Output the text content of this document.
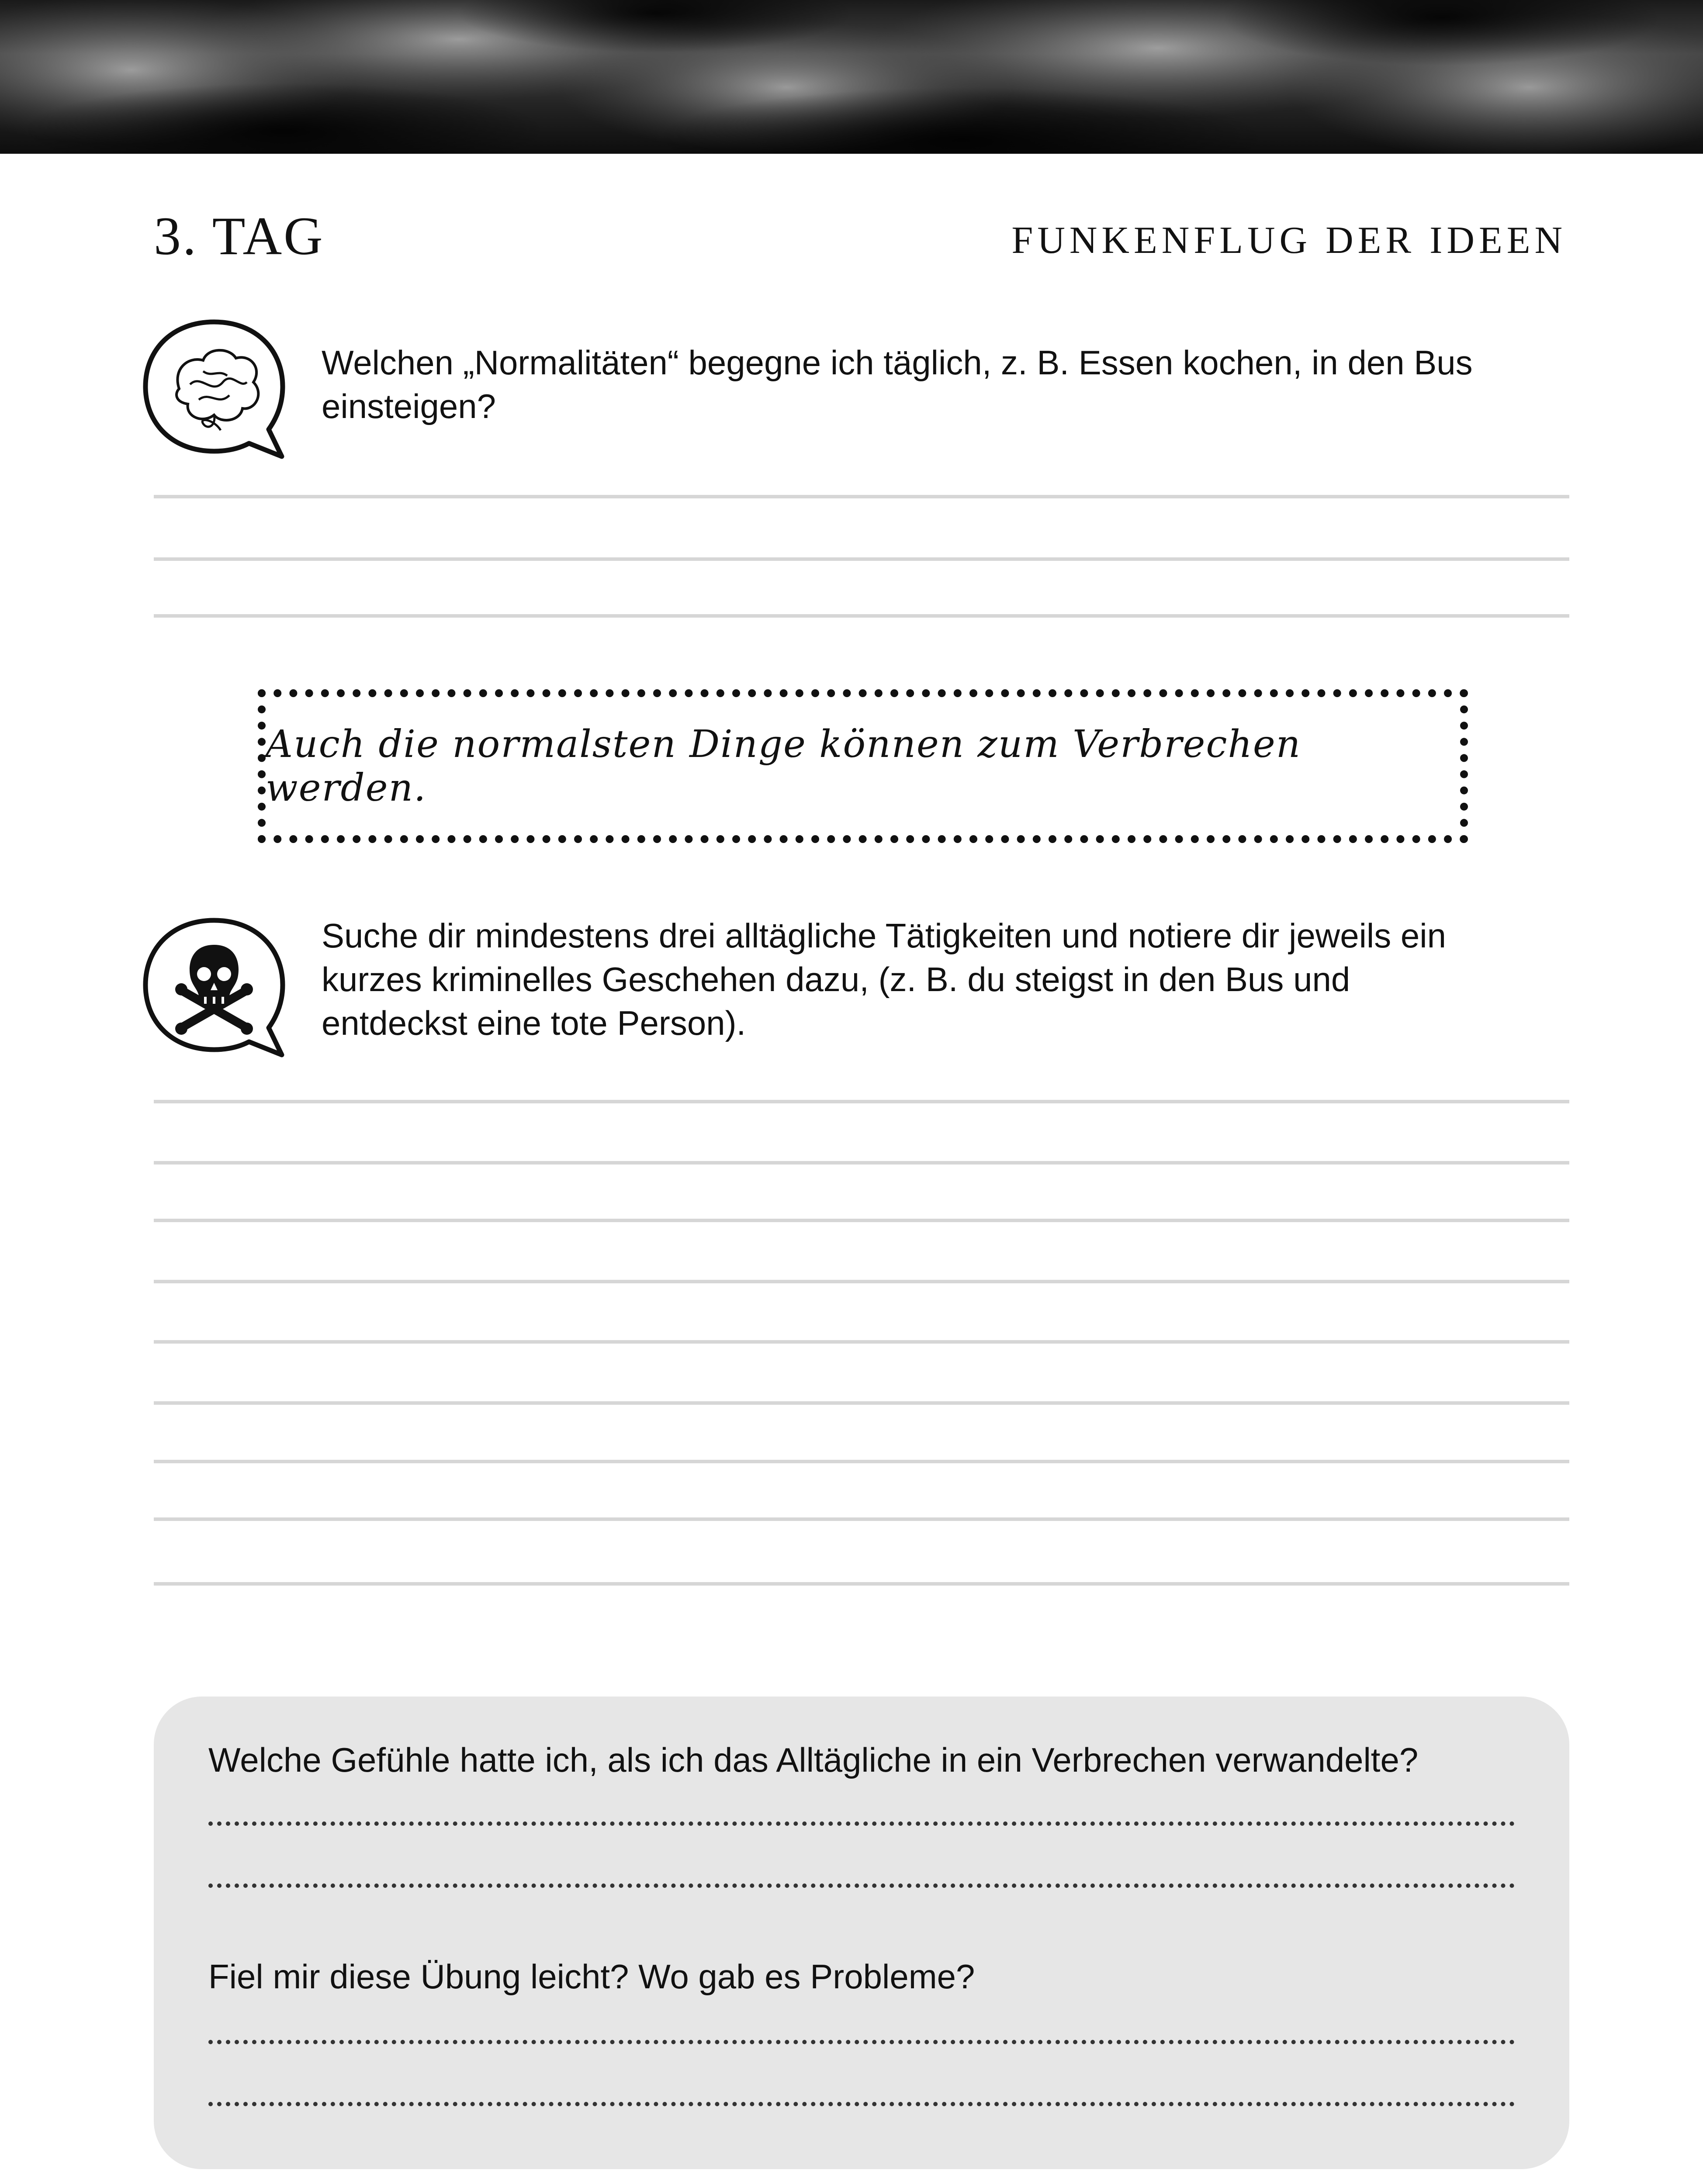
3. TAG	FUNKENFLUG DER IDEEN
Welchen „Normalitäten“ begegne ich täglich, z. B. Essen kochen, in den Bus einsteigen?
Auch die normalsten Dinge können zum Verbrechen werden.
Suche dir mindestens drei alltägliche Tätigkeiten und notiere dir jeweils ein kurzes kriminelles Geschehen dazu, (z. B. du steigst in den Bus und entdeckst eine tote Person).
Welche Gefühle hatte ich, als ich das Alltägliche in ein Verbrechen verwandelte?
Fiel mir diese Übung leicht? Wo gab es Probleme?
